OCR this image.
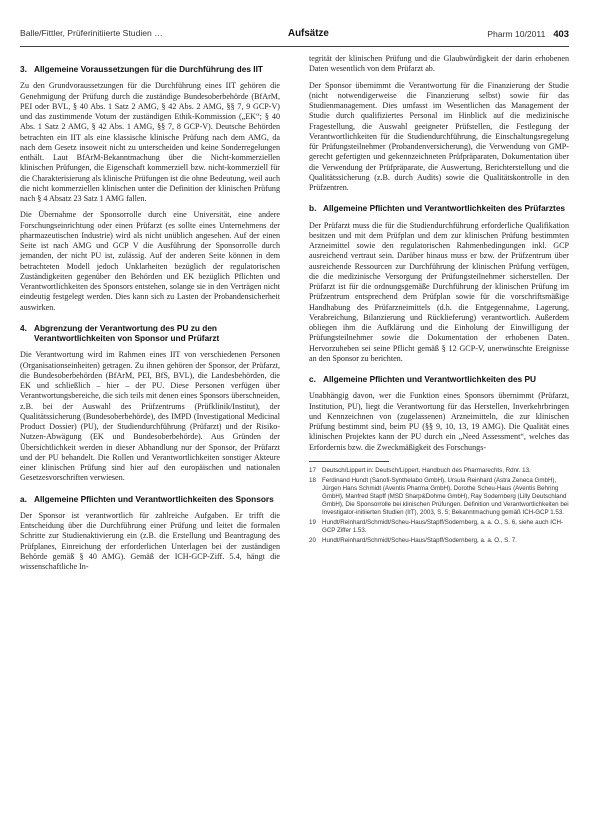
Balle/Fittler, Prüferinitiierte Studien …	Aufsätze	Pharm 10/2011 403
3. Allgemeine Voraussetzungen für die Durchführung des IIT

Zu den Grundvoraussetzungen für die Durchführung eines IIT gehören die Genehmigung der Prüfung durch die zuständige Bundesoberbehörde (BfArM, PEI oder BVL, § 40 Abs. 1 Satz 2 AMG, § 42 Abs. 2 AMG, §§ 7, 9 GCP-V) und das zustimmende Votum der zuständigen Ethik-Kommission („EK“; § 40 Abs. 1 Satz 2 AMG, § 42 Abs. 1 AMG, §§ 7, 8 GCP-V). Deutsche Behörden betrachten ein IIT als eine klassische klinische Prüfung nach dem AMG, da nach dem Gesetz insoweit nicht zu unterscheiden und keine Sonderregelungen enthält. Laut BfArM-Bekanntmachung über die Nicht-kommerziellen klinischen Prüfungen, die Eigenschaft kommerziell bzw. nicht-kommerziell für die Charakterisierung als klinische Prüfungen ist die ohne Bedeutung, weil auch die nicht kommerziellen klinischen unter die Definition der klinischen Prüfung nach § 4 Absatz 23 Satz 1 AMG fallen.

Die Übernahme der Sponsorrolle durch eine Universität, eine andere Forschungseinrichtung oder einen Prüfarzt (es sollte eines Unternehmens der pharmazeutischen Industrie) wird als nicht unüblich angesehen. Auf der einen Seite ist nach AMG und GCP V die Ausführung der Sponsorrolle durch jemanden, der nicht PU ist, zulässig. Auf der anderen Seite können in dem betrachteten Modell jedoch Unklarheiten bezüglich der regulatorischen Zuständigkeiten gegenüber den Behörden und EK bezüglich Pflichten und Verantwortlichkeiten des Sponsors entstehen, solange sie in den Verträgen nicht eindeutig festgelegt werden. Dies kann sich zu Lasten der Probandensicherheit auswirken.

4. Abgrenzung der Verantwortung des PU zu den Verantwortlichkeiten von Sponsor und Prüfarzt

Die Verantwortung wird im Rahmen eines IIT von verschiedenen Personen (Organisationseinheiten) getragen. Zu ihnen gehören der Sponsor, der Prüfarzt, die Bundesoberbehörden (BfArM, PEI, BfS, BVL), die Landesbehörden, die EK und schließlich – hier – der PU. Diese Personen verfügen über Verantwortungsbereiche, die sich teils mit denen eines Sponsors überschneiden, z.B. bei der Auswahl des Prüfzentrums (Prüfklinik/Institut), der Qualitätssicherung (Bundesoberbehörde), des IMPD (Investigational Medicinal Product Dossier) (PU), der Studiendurchführung (Prüfarzt) und der Risiko-Nutzen-Abwägung (EK und Bundesoberbehörde). Aus Gründen der Übersichtlichkeit werden in dieser Abhandlung nur der Sponsor, der Prüfarzt und der PU behandelt. Die Rollen und Verantwortlichkeiten sonstiger Akteure einer klinischen Prüfung sind hier auf den europäischen und nationalen Gesetzesvorschriften verwiesen.

a. Allgemeine Pflichten und Verantwortlichkeiten des Sponsors

Der Sponsor ist verantwortlich für zahlreiche Aufgaben. Er trifft die Entscheidung über die Durchführung einer Prüfung und leitet die formalen Schritte zur Studienaktivierung ein (z.B. die Erstellung und Beantragung des Prüfplanes, Einreichung der erforderlichen Unterlagen bei der zuständigen Behörde gemäß § 40 AMG). Gemäß der ICH-GCP-Ziff. 5.4, hängt die wissenschaftliche In-

tegrität der klinischen Prüfung und die Glaubwürdigkeit der darin erhobenen Daten wesentlich von dem Prüfarzt ab.

Der Sponsor übernimmt die Verantwortung für die Finanzierung der Studie (nicht notwendigerweise die Finanzierung selbst) sowie für das Studienmanagement. Dies umfasst im Wesentlichen das Management der Studie durch qualifiziertes Personal im Hinblick auf die medizinische Fragestellung, die Auswahl geeigneter Prüfstellen, die Festlegung der Verantwortlichkeiten für die Studiendurchführung, die Einschaltungsregelung für Prüfungsteilnehmer (Probandenversicherung), die Verwendung von GMP-gerecht gefertigten und gekennzeichneten Prüfpräparaten, Dokumentation über die Verwendung der Prüfpräparate, die Auswertung, Berichterstellung und die Qualitätssicherung (z.B. durch Audits) sowie die Qualitätskontrolle in den Prüfzentren.

b. Allgemeine Pflichten und Verantwortlichkeiten des Prüfarztes

Der Prüfarzt muss die für die Studiendurchführung erforderliche Qualifikation besitzen und mit dem Prüfplan und dem zur klinischen Prüfung bestimmten Arzneimittel sowie den regulatorischen Rahmenbedingungen inkl. GCP ausreichend vertraut sein. Darüber hinaus muss er bzw. der Prüfzentrum über ausreichende Ressourcen zur Durchführung der klinischen Prüfung verfügen, die die medizinische Versorgung der Prüfungsteilnehmer sicherstellen. Der Prüfarzt ist für die ordnungsgemäße Durchführung der klinischen Prüfung im Prüfzentrum entsprechend dem Prüfplan sowie für die vorschriftsmäßige Handhabung des Prüfarzneimittels (d.h. die Entgegennahme, Lagerung, Verabreichung, Bilanzierung und Rücklieferung) verantwortlich. Außerdem obliegen ihm die Aufklärung und die Einholung der Einwilligung der Prüfungsteilnehmer sowie die Dokumentation der erhobenen Daten. Hervorzuheben sei seine Pflicht gemäß § 12 GCP-V, unerwünschte Ereignisse an den Sponsor zu berichten.

c. Allgemeine Pflichten und Verantwortlichkeiten des PU

Unabhängig davon, wer die Funktion eines Sponsors übernimmt (Prüfarzt, Institution, PU), liegt die Verantwortung für das Herstellen, Inverkehrbringen und Kennzeichnen von (zugelassenen) Arzneimitteln, die zur klinischen Prüfung bestimmt sind, beim PU (§§ 9, 10, 13, 19 AMG). Die Qualität eines klinischen Projektes kann der PU durch ein „Need Assessment“, welches das Erfordernis bzw. die Zweckmäßigkeit des Forschungs-

17 Deutsch/Lippert in: Deutsch/Lippert, Handbuch des Pharmarechts, Rdnr. 13.
18 Ferdinand Hundt (Sanofi-Synthelabo GmbH), Ursula Reinhard (Astra Zeneca GmbH), Jürgen Hans Schmidt (Aventis Pharma GmbH), Dorothe Scheu-Haus (Aventis Behring GmbH), Manfred Stapff (MSD Sharp&Dohme GmbH), Ray Sodernberg (Lilly Deutschland GmbH), Die Sponsorrolle bei klinischen Prüfungen. Definition und Verantwortlichkeiten bei Investigator-initiierten Studien (IIT), 2003, S. 5; Bekanntmachung gemäß ICH-GCP 1.53.
19 Hundt/Reinhard/Schmidt/Scheu-Haus/Stapff/Sodernberg, a. a. O., S. 6, siehe auch ICH-GCP Ziffer 1.53.
20 Hundt/Reinhard/Schmidt/Scheu-Haus/Stapff/Sodernberg, a. a. O., S. 7.
